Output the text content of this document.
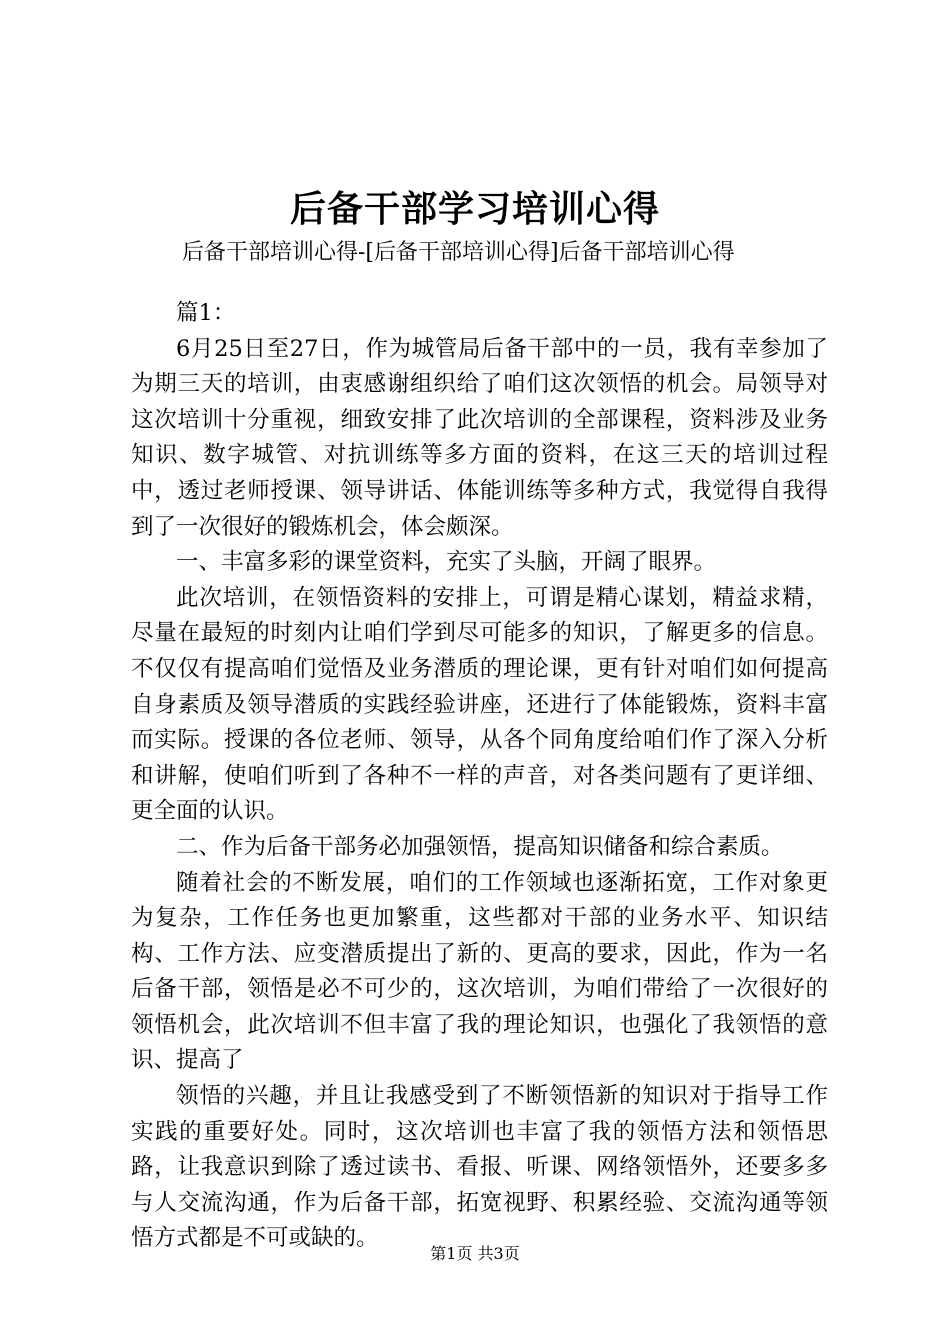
后备干部学习培训心得
后备干部培训心得-[后备干部培训心得]后备干部培训心得

篇1：

6月25日至27日，作为城管局后备干部中的一员，我有幸参加了为期三天的培训，由衷感谢组织给了咱们这次领悟的机会。局领导对这次培训十分重视，细致安排了此次培训的全部课程，资料涉及业务知识、数字城管、对抗训练等多方面的资料，在这三天的培训过程中，透过老师授课、领导讲话、体能训练等多种方式，我觉得自我得到了一次很好的锻炼机会，体会颇深。

一、丰富多彩的课堂资料，充实了头脑，开阔了眼界。

此次培训，在领悟资料的安排上，可谓是精心谋划，精益求精，尽量在最短的时刻内让咱们学到尽可能多的知识，了解更多的信息。不仅仅有提高咱们觉悟及业务潜质的理论课，更有针对咱们如何提高自身素质及领导潜质的实践经验讲座，还进行了体能锻炼，资料丰富而实际。授课的各位老师、领导，从各个同角度给咱们作了深入分析和讲解，使咱们听到了各种不一样的声音，对各类问题有了更详细、更全面的认识。

二、作为后备干部务必加强领悟，提高知识储备和综合素质。

随着社会的不断发展，咱们的工作领域也逐渐拓宽，工作对象更为复杂，工作任务也更加繁重，这些都对干部的业务水平、知识结构、工作方法、应变潜质提出了新的、更高的要求，因此，作为一名后备干部，领悟是必不可少的，这次培训，为咱们带给了一次很好的领悟机会，此次培训不但丰富了我的理论知识，也强化了我领悟的意识、提高了

领悟的兴趣，并且让我感受到了不断领悟新的知识对于指导工作实践的重要好处。同时，这次培训也丰富了我的领悟方法和领悟思路，让我意识到除了透过读书、看报、听课、网络领悟外，还要多多与人交流沟通，作为后备干部，拓宽视野、积累经验、交流沟通等领悟方式都是不可或缺的。

第1页 共3页
